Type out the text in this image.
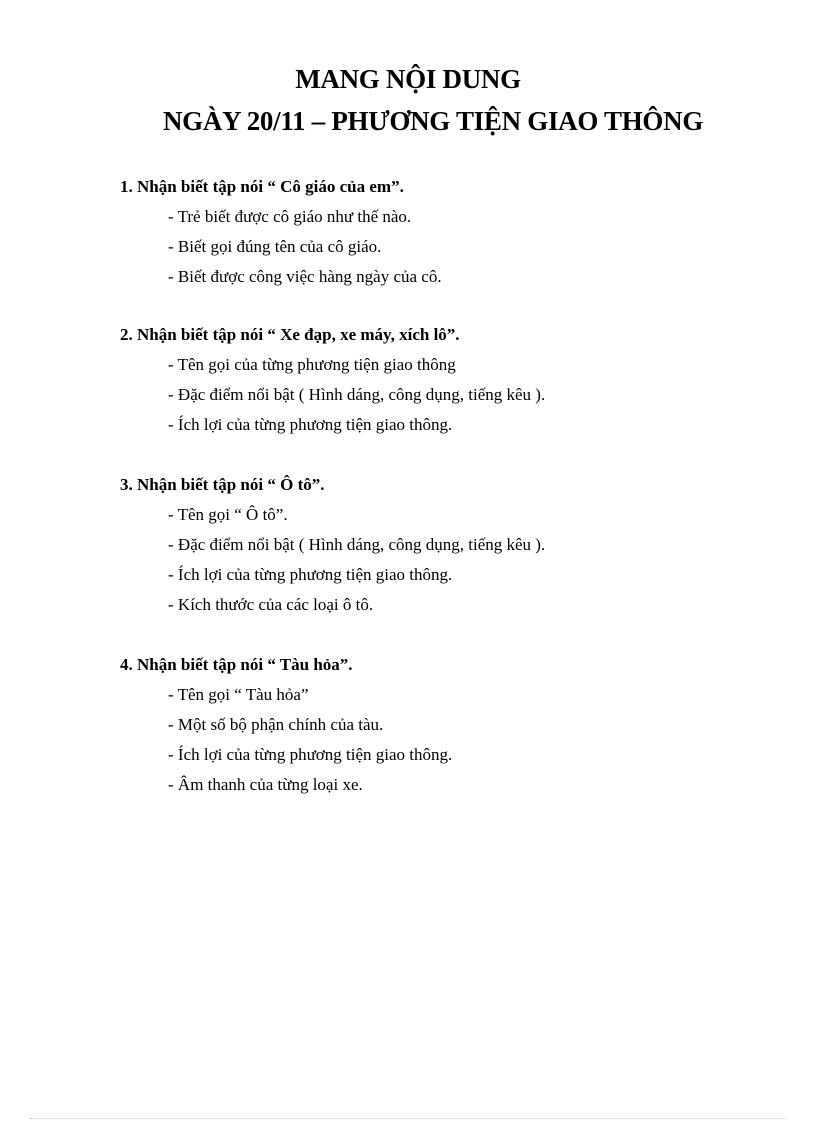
MANG NỘI DUNG
NGÀY 20/11 – PHƯƠNG TIỆN GIAO THÔNG

1. Nhận biết tập nói “ Cô giáo của em”.

- Trẻ biết được cô giáo như thế nào.

- Biết gọi đúng tên của cô giáo.

- Biết được công việc hàng ngày của cô.

2. Nhận biết tập nói “ Xe đạp, xe máy, xích lô”.

- Tên gọi của từng phương tiện giao thông

- Đặc điểm nổi bật ( Hình dáng, công dụng, tiếng kêu ).

- Ích lợi của từng phương tiện giao thông.

3. Nhận biết tập nói “ Ô tô”.

- Tên gọi “ Ô tô”.

- Đặc điểm nổi bật ( Hình dáng, công dụng, tiếng kêu ).

- Ích lợi của từng phương tiện giao thông.

- Kích thước của các loại ô tô.

4. Nhận biết tập nói “ Tàu hỏa”.

- Tên gọi “ Tàu hỏa”

- Một số bộ phận chính của tàu.

- Ích lợi của từng phương tiện giao thông.

- Âm thanh của từng loại xe.
